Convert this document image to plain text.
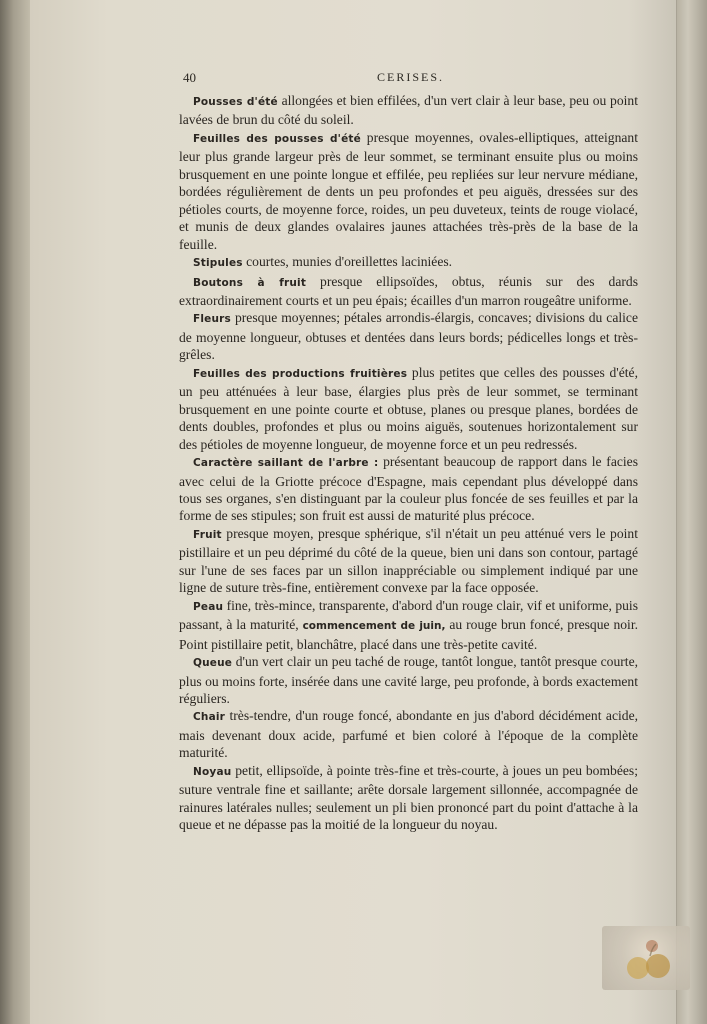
40	CERISES.

Pousses d'été allongées et bien effilées, d'un vert clair à leur base, peu ou point lavées de brun du côté du soleil.

Feuilles des pousses d'été presque moyennes, ovales-elliptiques, atteignant leur plus grande largeur près de leur sommet, se terminant ensuite plus ou moins brusquement en une pointe longue et effilée, peu repliées sur leur nervure médiane, bordées régulièrement de dents un peu profondes et peu aiguës, dressées sur des pétioles courts, de moyenne force, roides, un peu duveteux, teints de rouge violacé, et munis de deux glandes ovalaires jaunes attachées très-près de la base de la feuille.

Stipules courtes, munies d'oreillettes laciniées.

Boutons à fruit presque ellipsoïdes, obtus, réunis sur des dards extraordinairement courts et un peu épais; écailles d'un marron rougeâtre uniforme.

Fleurs presque moyennes; pétales arrondis-élargis, concaves; divisions du calice de moyenne longueur, obtuses et dentées dans leurs bords; pédicelles longs et très-grêles.

Feuilles des productions fruitières plus petites que celles des pousses d'été, un peu atténuées à leur base, élargies plus près de leur sommet, se terminant brusquement en une pointe courte et obtuse, planes ou presque planes, bordées de dents doubles, profondes et plus ou moins aiguës, soutenues horizontalement sur des pétioles de moyenne longueur, de moyenne force et un peu redressés.

Caractère saillant de l'arbre : présentant beaucoup de rapport dans le facies avec celui de la Griotte précoce d'Espagne, mais cependant plus développé dans tous ses organes, s'en distinguant par la couleur plus foncée de ses feuilles et par la forme de ses stipules; son fruit est aussi de maturité plus précoce.

Fruit presque moyen, presque sphérique, s'il n'était un peu atténué vers le point pistillaire et un peu déprimé du côté de la queue, bien uni dans son contour, partagé sur l'une de ses faces par un sillon inappréciable ou simplement indiqué par une ligne de suture très-fine, entièrement convexe par la face opposée.

Peau fine, très-mince, transparente, d'abord d'un rouge clair, vif et uniforme, puis passant, à la maturité, commencement de juin, au rouge brun foncé, presque noir. Point pistillaire petit, blanchâtre, placé dans une très-petite cavité.

Queue d'un vert clair un peu taché de rouge, tantôt longue, tantôt presque courte, plus ou moins forte, insérée dans une cavité large, peu profonde, à bords exactement réguliers.

Chair très-tendre, d'un rouge foncé, abondante en jus d'abord décidément acide, mais devenant doux acide, parfumé et bien coloré à l'époque de la complète maturité.

Noyau petit, ellipsoïde, à pointe très-fine et très-courte, à joues un peu bombées; suture ventrale fine et saillante; arête dorsale largement sillonnée, accompagnée de rainures latérales nulles; seulement un pli bien prononcé part du point d'attache à la queue et ne dépasse pas la moitié de la longueur du noyau.
